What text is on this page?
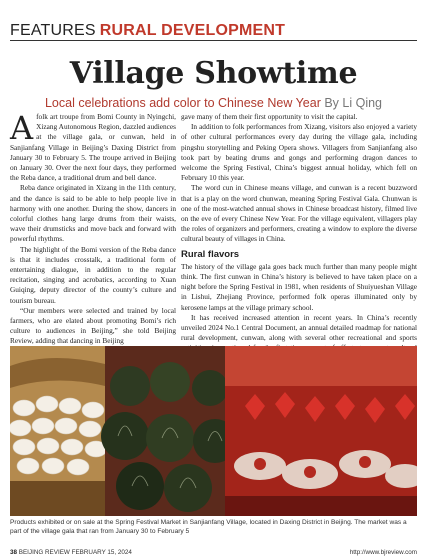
FEATURES RURAL DEVELOPMENT
Village Showtime
Local celebrations add color to Chinese New Year By Li Qing

Afolk art troupe from Bomi County in Nyingchi, Xizang Autonomous Region, dazzled audiences at the village gala, or cunwan, held in Sanjianfang Village in Beijing’s Daxing District from January 30 to February 5. The troupe arrived in Beijing on January 30. Over the next four days, they performed the Reba dance, a traditional drum and bell dance.

Reba dance originated in Xizang in the 11th century, and the dance is said to be able to help people live in harmony with one another. During the show, dancers in colorful clothes hang large drums from their waists, wave their drumsticks and move back and forward with powerful rhythms.

The highlight of the Bomi version of the Reba dance is that it includes crosstalk, a traditional form of entertaining dialogue, in addition to the regular recitation, singing and acrobatics, according to Xuan Guiqing, deputy director of the county’s culture and tourism bureau.

“Our members were selected and trained by local farmers, who are elated about promoting Bomi’s rich culture to audiences in Beijing,” she told Beijing Review, adding that dancing in Beijing

gave many of them their first opportunity to visit the capital.

In addition to folk performances from Xizang, visitors also enjoyed a variety of other cultural performances every day during the village gala, including pingshu storytelling and Peking Opera shows. Villagers from Sanjianfang also took part by beating drums and gongs and performing dragon dances to welcome the Spring Festival, China’s biggest annual holiday, which fell on February 10 this year.

The word cun in Chinese means village, and cunwan is a recent buzzword that is a play on the word chunwan, meaning Spring Festival Gala. Chunwan is one of the most-watched annual shows in Chinese broadcast history, filmed live on the eve of every Chinese New Year. For the village equivalent, villagers play the roles of organizers and performers, creating a window to explore the diverse cultural beauty of villages in China.

Rural flavors

The history of the village gala goes back much further than many people might think. The first cunwan in China’s history is believed to have taken place on a night before the Spring Festival in 1981, when residents of Shuiyueshan Village in Lishui, Zhejiang Province, performed folk operas illuminated only by kerosene lamps at the village primary school.

It has received increased attention in recent years. In China’s recently unveiled 2024 No.1 Central Document, an annual detailed roadmap for national rural development, cunwan, along with several other recreational and sports

Products exhibited or on sale at the Spring Festival Market in Sanjianfang Village, located in Daxing District in Beijing. The market was a part of the village gala that ran from January 30 to February 5
38 BEIJING REVIEW FEBRUARY 15, 2024	http://www.bjreview.com
